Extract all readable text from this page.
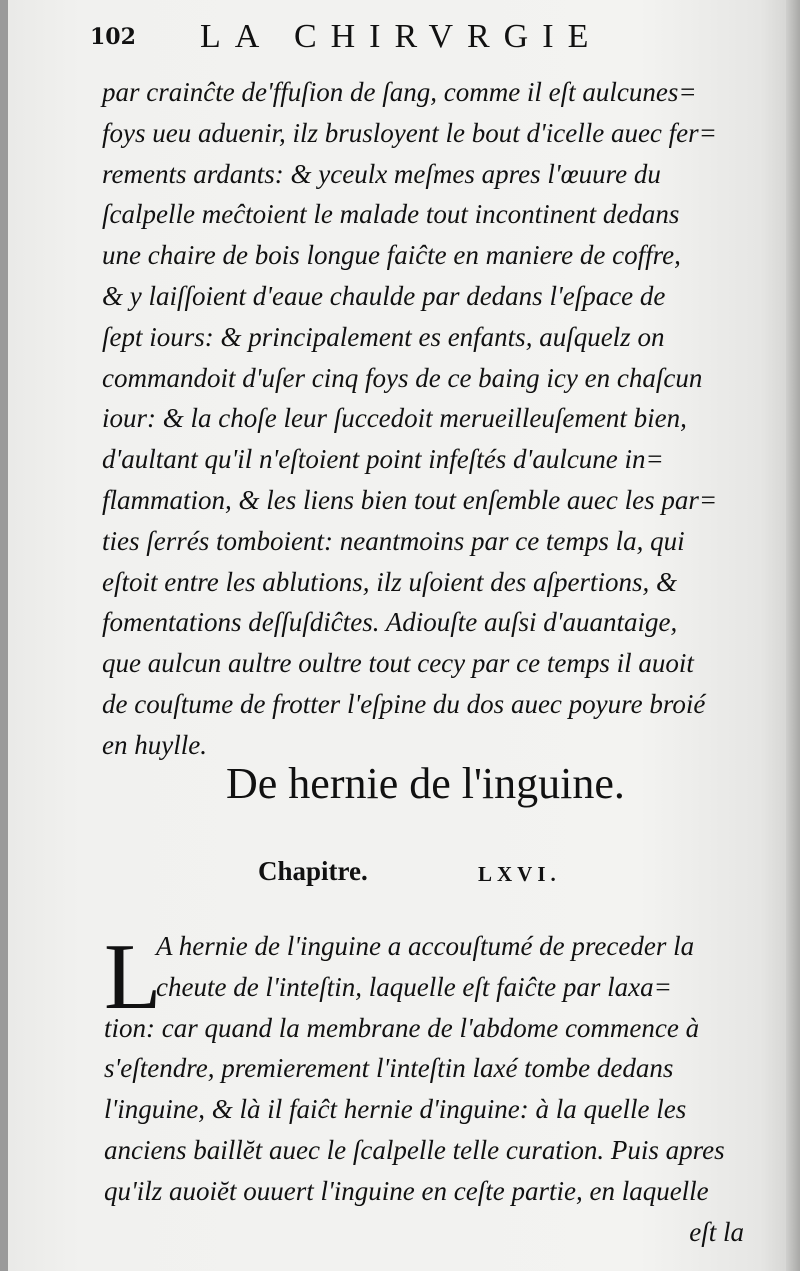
102 LA CHIRVRGIE
par crainĉte de'ffuſion de ſang, comme il eſt aulcunes=
foys ueu aduenir, ilz brusloyent le bout d'icelle auec fer=
rements ardants: & yceulx meſmes apres l'œuure du
ſcalpelle meĉtoient le malade tout incontinent dedans
une chaire de bois longue faiĉte en maniere de coffre,
& y laiſſoient d'eaue chaulde par dedans l'eſpace de
ſept iours: & principalement es enfants, auſquelz on
commandoit d'uſer cinq foys de ce baing icy en chaſcun
iour: & la choſe leur ſuccedoit merueilleuſement bien,
d'aultant qu'il n'eſtoient point infeſtés d'aulcune in=
flammation, & les liens bien tout enſemble auec les par=
ties ſerrés tomboient: neantmoins par ce temps la, qui
eſtoit entre les ablutions, ilz uſoient des aſpertions, &
fomentations deſſuſdiĉtes. Adiouſte auſsi d'auantaige,
que aulcun aultre oultre tout cecy par ce temps il auoit
de couſtume de frotter l'eſpine du dos auec poyure broié
en huylle.
De hernie de l'inguine.
Chapitre.	LXVI.
L
A hernie de l'inguine a accouſtumé de preceder la
cheute de l'inteſtin, laquelle eſt faiĉte par laxa=
tion: car quand la membrane de l'abdome commence à
s'eſtendre, premierement l'inteſtin laxé tombe dedans
l'inguine, & là il faiĉt hernie d'inguine: à la quelle les
anciens baillĕt auec le ſcalpelle telle curation. Puis apres
qu'ilz auoiĕt ouuert l'inguine en ceſte partie, en laquelle
eſt la
